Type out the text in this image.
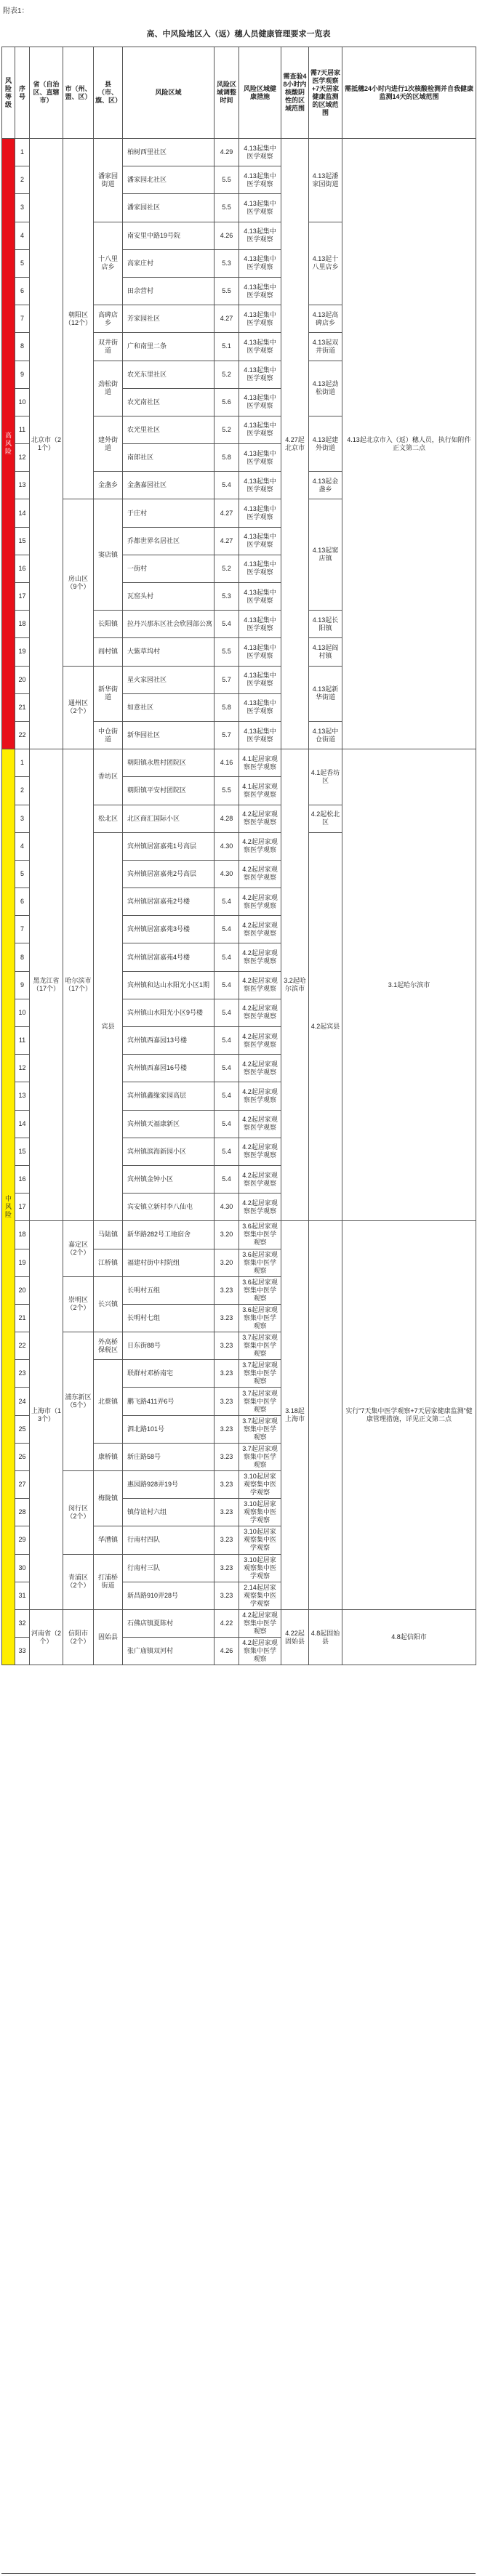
附表1：
高、中风险地区入（返）穗人员健康管理要求一览表
风险等级	序号	省（自治区、直辖市）	市（州、盟、区）	县（市、旗、区）	风险区域	风险区域调整时间	风险区域健康措施	需查验48小时内核酸阴性的区域范围	需7天居家医学观察+7天居家健康监测的区域范围	需抵穗24小时内进行1次核酸检测并自我健康监测14天的区域范围
高风险	1	北京市（21个）	朝阳区（12个）	潘家园街道	柏树西里社区	4.29	4.13起集中医学观察	4.27起北京市	4.13起潘家园街道	4.13起北京市入（返）穗人员，执行如附件正文第二点
	2				潘家园北社区	5.5	4.13起集中医学观察			
	3				潘家园社区	5.5	4.13起集中医学观察			
	4			十八里店乡	南安里中路19号院	4.26	4.13起集中医学观察		4.13起十八里店乡	
	5				高家庄村	5.3	4.13起集中医学观察			
	6				田余营村	5.5	4.13起集中医学观察			
	7			高碑店乡	芳家园社区	4.27	4.13起集中医学观察		4.13起高碑店乡	
	8			双井街道	广和南里二条	5.1	4.13起集中医学观察		4.13起双井街道	
	9			劲松街道	农光东里社区	5.2	4.13起集中医学观察		4.13起劲松街道	
	10				农光南社区	5.6	4.13起集中医学观察			
	11			建外街道	农光里社区	5.2	4.13起集中医学观察		4.13起建外街道	
	12				南郎社区	5.8	4.13起集中医学观察			
	13			金盏乡	金盏嘉园社区	5.4	4.13起集中医学观察		4.13起金盏乡	
	14		房山区（9个）	窦店镇	于庄村	4.27	4.13起集中医学观察		4.13起窦店镇	
	15				乔都世界名居社区	4.27	4.13起集中医学观察			
	16				一街村	5.2	4.13起集中医学观察			
	17				瓦窑头村	5.3	4.13起集中医学观察			
	18			长阳镇	拉丹兴那东区社会欣园部公寓	5.4	4.13起集中医学观察		4.13起长阳镇	
	19			阎村镇	大紫草坞村	5.5	4.13起集中医学观察		4.13起阎村镇	
	20		通州区（2个）	新华街道	星火家园社区	5.7	4.13起集中医学观察		4.13起新华街道	
	21				如意社区	5.8	4.13起集中医学观察			
	22			中仓街道	新华园社区	5.7	4.13起集中医学观察		4.13起中仓街道	
中风险	1	黑龙江省（17个）	哈尔滨市（17个）	香坊区	朝阳镇永胜村团院区	4.16	4.1起居家观察医学观察	3.2起哈尔滨市	4.1起香坊区	3.1起哈尔滨市
	2				朝阳镇平安村团院区	5.5	4.1起居家观察医学观察			
	3			松北区	北区商汇国际小区	4.28	4.2起居家观察医学观察		4.2起松北区	
	4			宾县	宾州镇居富嘉苑1号高层	4.30	4.2起居家观察医学观察		4.2起宾县	
	5				宾州镇居富嘉苑2号高层	4.30	4.2起居家观察医学观察			
	6				宾州镇居富嘉苑2号楼	5.4	4.2起居家观察医学观察			
	7				宾州镇居富嘉苑3号楼	5.4	4.2起居家观察医学观察			
	8				宾州镇居富嘉苑4号楼	5.4	4.2起居家观察医学观察			
	9				宾州镇和达山水阳光小区1期	5.4	4.2起居家观察医学观察			
	10				宾州镇山水阳光小区9号楼	5.4	4.2起居家观察医学观察			
	11				宾州镇西嘉园13号楼	5.4	4.2起居家观察医学观察			
	12				宾州镇西嘉园16号楼	5.4	4.2起居家观察医学观察			
	13				宾州镇鑫缘家园高层	5.4	4.2起居家观察医学观察			
	14				宾州镇天福康新区	5.4	4.2起居家观察医学观察			
	15				宾州镇滨海新园小区	5.4	4.2起居家观察医学观察			
	16				宾州镇金钟小区	5.4	4.2起居家观察医学观察			
	17				宾安镇立新村李八仙屯	4.30	4.2起居家观察医学观察			
	18	上海市（13个）	嘉定区（2个）	马陆镇	新华路282号工地宿舍	3.20	3.6起居家观察集中医学观察	3.18起上海市		实行“7天集中医学观察+7天居家健康监测”健康管理措施，详见正文第二点
	19			江桥镇	福建村街中村院组	3.20	3.6起居家观察集中医学观察			
	20		崇明区（2个）	长兴镇	长明村五组	3.23	3.6起居家观察集中医学观察			
	21				长明村七组	3.23	3.6起居家观察集中医学观察			
	22		浦东新区（5个）	外高桥保税区	日东街88号	3.23	3.7起居家观察集中医学观察			
	23			北蔡镇	联群村邓桥南宅	3.23	3.7起居家观察集中医学观察			
	24				鹏飞路411弄6号	3.23	3.7起居家观察集中医学观察			
	25				泗北路101号	3.23	3.7起居家观察集中医学观察			
	26			康桥镇	新庄路58号	3.23	3.7起居家观察集中医学观察			
	27		闵行区（2个）	梅陇镇	惠园路928弄19号	3.23	3.10起居家观察集中医学观察			
	28				镇侍谊村六组	3.23	3.10起居家观察集中医学观察			
	29			华漕镇	行南村四队	3.23	3.10起居家观察集中医学观察			
	30		青浦区（2个）	打浦桥街道	行南村三队	3.23	3.10起居家观察集中医学观察			
	31				新昌路910弄28号	3.23	2.14起居家观察集中医学观察			
	32	河南省（2个）	信阳市（2个）	固始县	石佛店镇夏陈村	4.22	4.2起居家观察集中医学观察	4.22起固始县	4.8起固始县	4.8起信阳市
	33				张广庙镇双河村	4.26	4.2起居家观察集中医学观察			
